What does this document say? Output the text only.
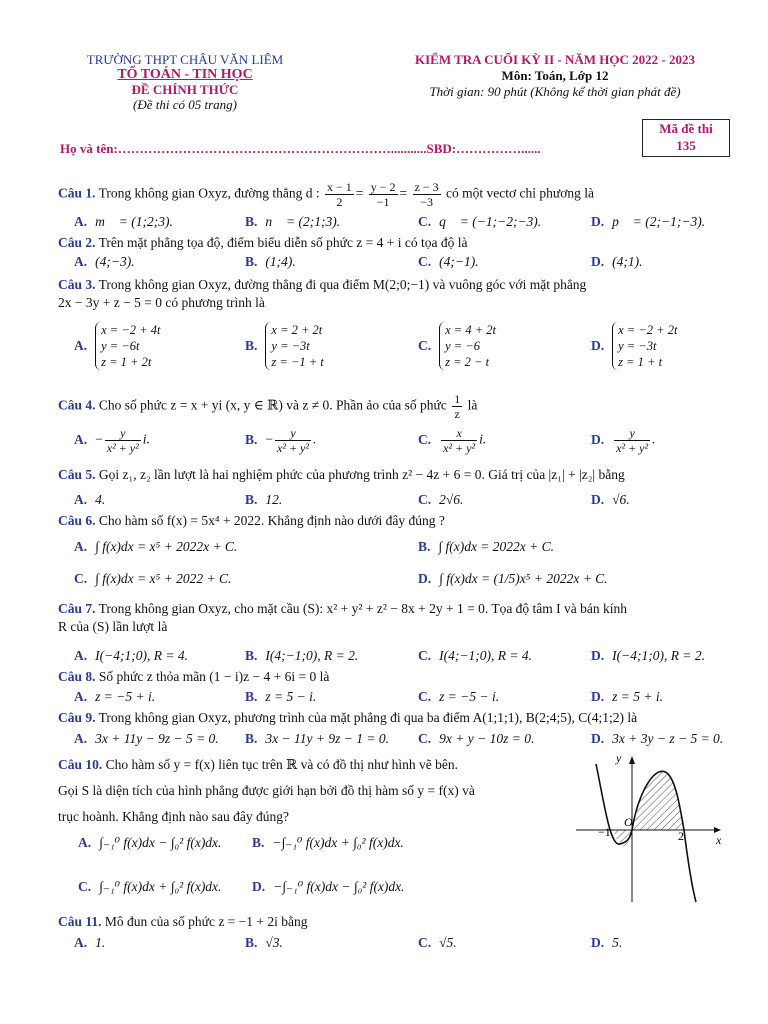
TRƯỜNG THPT CHÂU VĂN LIÊM
TỔ TOÁN - TIN HỌC
ĐỀ CHÍNH THỨC
(Đề thi có 05 trang)
KIỂM TRA CUỐI KỲ II - NĂM HỌC 2022 - 2023
Môn: Toán, Lớp 12
Thời gian: 90 phút (Không kể thời gian phát đề)
Họ và tên:………………………………………………………...........SBD:……………......
Mã đề thi
135
Câu 1. Trong không gian Oxyz, đường thẳng d : $\frac{x - 1}{2} = \frac{y - 2}{-1} = \frac{z - 3}{-3}$ có một vectơ chỉ phương là
Câu 2. Trên mặt phẳng tọa độ, điểm biểu diễn số phức z = 4 + i có tọa độ là
Câu 3. Trong không gian Oxyz, đường thẳng đi qua điểm M(2;0;−1) và vuông góc với mặt phẳng
2x − 3y + z − 5 = 0 có phương trình là
Câu 4. Cho số phức z = x + yi (x, y ∈ ℝ) và z ≠ 0. Phần ảo của số phức $\frac{1}{z}$ là
Câu 5. Gọi z₁, z₂ lần lượt là hai nghiệm phức của phương trình z² − 4z + 6 = 0. Giá trị của |z₁| + |z₂| bằng
Câu 6. Cho hàm số f(x) = 5x⁴ + 2022. Khẳng định nào dưới đây đúng ?
Câu 7. Trong không gian Oxyz, cho mặt cầu (S): x² + y² + z² − 8x + 2y + 1 = 0. Tọa độ tâm I và bán kính
R của (S) lần lượt là
Câu 8. Số phức z thỏa mãn (1 − i)z − 4 + 6i = 0 là
Câu 9. Trong không gian Oxyz, phương trình của mặt phẳng đi qua ba điểm A(1;1;1), B(2;4;5), C(4;1;2) là
Câu 10. Cho hàm số y = f(x) liên tục trên ℝ và có đồ thị như hình vẽ bên.
Gọi S là diện tích của hình phẳng được giới hạn bởi đồ thị hàm số y = f(x) và
trục hoành. Khẳng định nào sau đây đúng?
y
x
O
−1	2
Câu 11. Mô đun của số phức z = −1 + 2i bằng
A. m⃗ = (1;2;3).	B. n⃗ = (2;1;3).	C. q⃗ = (−1;−2;−3).	D. p⃗ = (2;−1;−3).
A. (4;−3).	B. (1;4).	C. (4;−1).	D. (4;1).
A. 4.	B. 12.	C. 2√6.	D. √6.
A. I(−4;1;0), R = 4.	B. I(4;−1;0), R = 2.	C. I(4;−1;0), R = 4.	D. I(−4;1;0), R = 2.
A. z = −5 + i.	B. z = 5 − i.	C. z = −5 − i.	D. z = 5 + i.
A. 3x + 11y − 9z − 5 = 0. B. 3x − 11y + 9z − 1 = 0. C. 9x + y − 10z = 0.	D. 3x + 3y − z − 5 = 0.
A. 1.	B. √3.	C. √5.	D. 5.
A. ∫ f(x)dx = x⁵ + 2022x + C.	B. ∫ f(x)dx = 2022x + C.
C. ∫ f(x)dx = x⁵ + 2022 + C.	D. ∫ f(x)dx = (1/5)x⁵ + 2022x + C.
A.
x = −2 + 4t
y = −6t
z = 1 + 2t
B.
x = 2 + 2t
y = −3t
z = −1 + t
C.
x = 4 + 2t
y = −6
z = 2 − t
D.
x = −2 + 2t
y = −3t
z = 1 + t
A. − $\frac{y}{\text{x² + y²}} i$.	B. − $\frac{y}{\text{x² + y²}}$ .	C. $\frac{x}{\text{x² + y²}} i$.	D. $\frac{y}{\text{x² + y²}}$ .
A. ∫₋₁⁰ f(x)dx − ∫₀² f(x)dx. B. −∫₋₁⁰ f(x)dx + ∫₀² f(x)dx.
C. ∫₋₁⁰ f(x)dx + ∫₀² f(x)dx. D. −∫₋₁⁰ f(x)dx − ∫₀² f(x)dx.
